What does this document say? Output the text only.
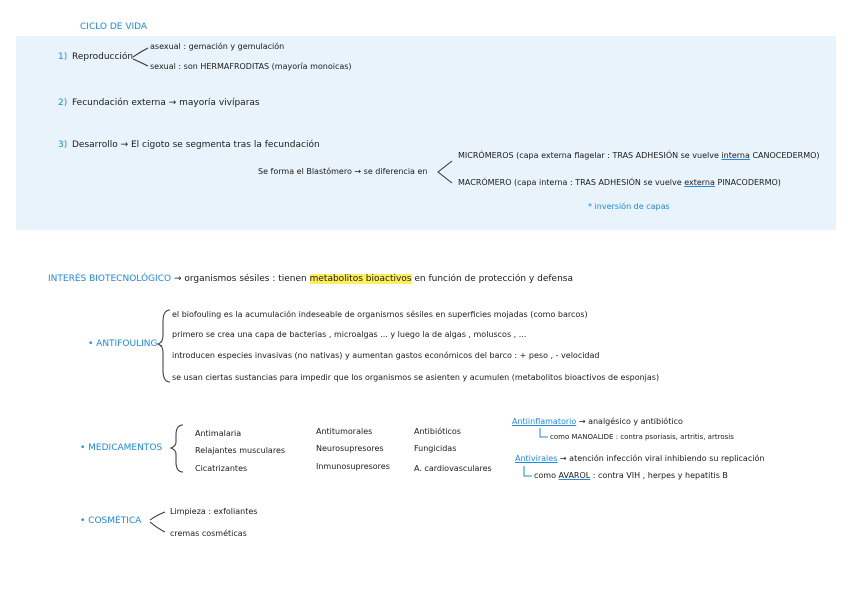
CICLO DE VIDA
1) Reproducción
asexual : gemación y gemulación
sexual : son HERMAFRODITAS (mayoría monoicas)
2) Fecundación externa → mayoría vivíparas
3) Desarrollo → El cigoto se segmenta tras la fecundación
Se forma el Blastómero → se diferencia en
MICRÓMEROS (capa externa flagelar : TRAS ADHESIÓN se vuelve interna CANOCEDERMO)
MACRÓMERO (capa interna : TRAS ADHESIÓN se vuelve externa PINACODERMO)
* inversión de capas
INTERÉS BIOTECNOLÓGICO → organismos sésiles : tienen metabolitos bioactivos en función de protección y defensa
• ANTIFOULING :
el biofouling es la acumulación indeseable de organismos sésiles en superficies mojadas (como barcos)
primero se crea una capa de bacterias , microalgas ... y luego la de algas , moluscos , ...
introducen especies invasivas (no nativas) y aumentan gastos económicos del barco : + peso , - velocidad
se usan ciertas sustancias para impedir que los organismos se asienten y acumulen (metabolitos bioactivos de esponjas)
• MEDICAMENTOS
Antimalaria
Relajantes musculares
Cicatrizantes
Antitumorales
Neurosupresores
Inmunosupresores
Antibióticos
Fungicidas
A. cardiovasculares
Antiinflamatorio → analgésico y antibiótico
como MANOALIDE : contra psoriasis, artritis, artrosis
Antivirales → atención infección viral inhibiendo su replicación
como AVAROL : contra VIH , herpes y hepatitis B
• COSMÉTICA
Limpieza : exfoliantes
cremas cosméticas
